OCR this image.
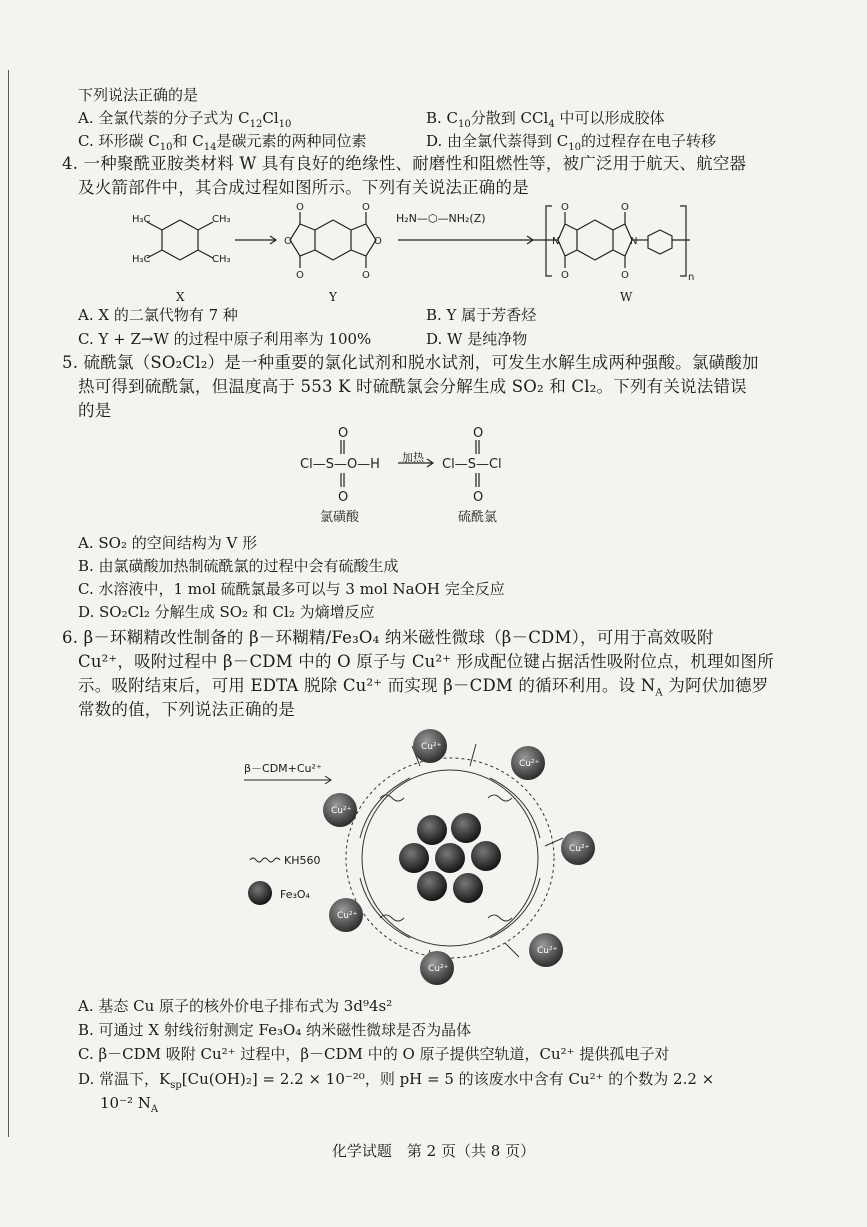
下列说法正确的是
A. 全氯代萘的分子式为 $C_{12}Cl_{10}$	B. $C_{10}$分散到 CCl$_4$ 中可以形成胶体
C. 环形碳 $C_{10}$和 $C_{14}$是碳元素的两种同位素	D. 由全氯代萘得到 $C_{10}$的过程存在电子转移
4. 一种聚酰亚胺类材料 W 具有良好的绝缘性、耐磨性和阻燃性等，被广泛用于航天、航空器
及火箭部件中，其合成过程如图所示。下列有关说法正确的是
H₃C	CH₃
H₃C	CH₃
O
O
O
O
O
O
O
N
O
O
N
O	n
H₂N—⬡—NH₂(Z)
X	Y	W
A. X 的二氯代物有 7 种	B. Y 属于芳香烃
C. Y + Z→W 的过程中原子利用率为 100%	D. W 是纯净物
5. 硫酰氯（SO₂Cl₂）是一种重要的氯化试剂和脱水试剂，可发生水解生成两种强酸。氯磺酸加
热可得到硫酰氯，但温度高于 553 K 时硫酰氯会分解生成 SO₂ 和 Cl₂。下列有关说法错误
的是
O
Cl—S—O—H
O
O
Cl—S—Cl
O
加热
氯磺酸	硫酰氯
A. SO₂ 的空间结构为 V 形
B. 由氯磺酸加热制硫酰氯的过程中会有硫酸生成
C. 水溶液中，1 mol 硫酰氯最多可以与 3 mol NaOH 完全反应
D. SO₂Cl₂ 分解生成 SO₂ 和 Cl₂ 为熵增反应
6. β－环糊精改性制备的 β－环糊精/Fe₃O₄ 纳米磁性微球（β－CDM），可用于高效吸附
Cu²⁺，吸附过程中 β－CDM 中的 O 原子与 Cu²⁺ 形成配位键占据活性吸附位点，机理如图所
示。吸附结束后，可用 EDTA 脱除 Cu²⁺ 而实现 β－CDM 的循环利用。设 $N_A$ 为阿伏加德罗
常数的值，下列说法正确的是
Cu²⁺
Cu²⁺
Cu²⁺
Cu²⁺
Cu²⁺
Cu²⁺
Cu²⁺
β－CDM+Cu²⁺
KH560
Fe₃O₄
A. 基态 Cu 原子的核外价电子排布式为 3d⁹4s²
B. 可通过 X 射线衍射测定 Fe₃O₄ 纳米磁性微球是否为晶体
C. β－CDM 吸附 Cu²⁺ 过程中，β－CDM 中的 O 原子提供空轨道，Cu²⁺ 提供孤电子对
D. 常温下，$K_{sp}[Cu(OH)_2] = 2.2 \times 10^{-20}$，则 pH = 5 的该废水中含有 Cu²⁺ 的个数为 2.2 ×
10⁻² $N_A$
化学试题　第 2 页（共 8 页）
